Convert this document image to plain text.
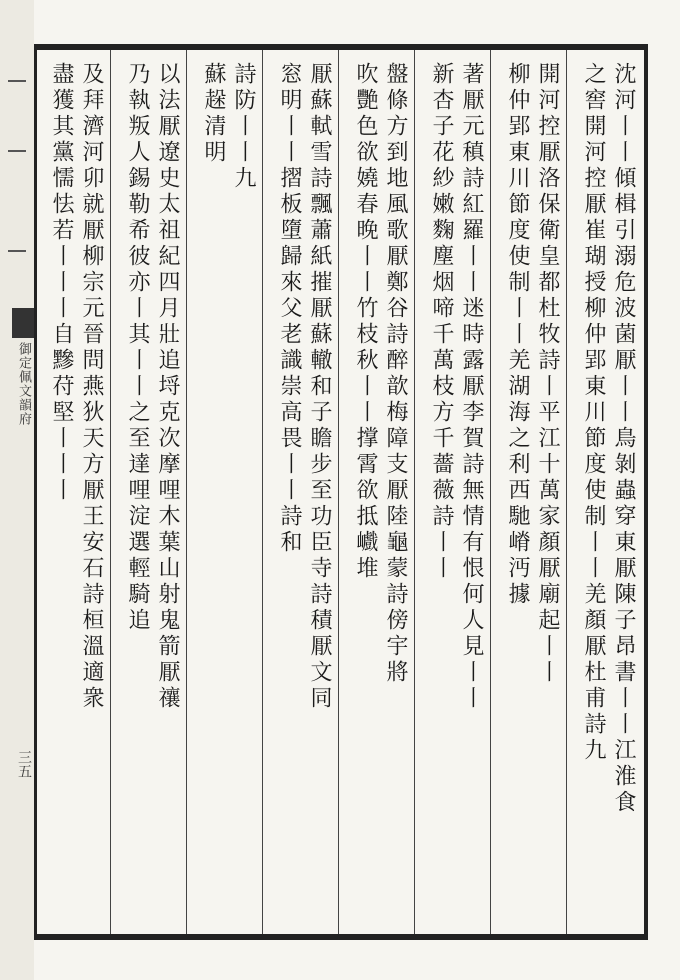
御定佩文韻府
三五	沈河丨丨傾楫引溺危波菌厭丨丨鳥剝蟲穿東厭陳子昂書丨丨江淮食
之窖開河控厭崔瑚授柳仲郢東川節度使制丨丨羌顏厭杜甫詩九
開河控厭洛保衛皇都杜牧詩丨平江十萬家顏厭廟起丨丨
柳仲郢東川節度使制丨丨羌湖海之利西馳嵴沔據
著厭元稹詩紅羅丨丨迷時露厭李賀詩無情有恨何人見丨丨
新杏子花紗嫩麴塵烟啼千萬枝方千薔薇詩丨丨
盤條方到地風歌厭鄭谷詩醉歆梅障支厭陸龜蒙詩傍宇將
吹艷色欲嬈春晚丨丨竹枝秋丨丨撑霄欲抵巇堆
厭蘇軾雪詩飄蕭紙摧厭蘇轍和子瞻步至功臣寺詩積厭文同
窓明丨丨摺板墮歸來父老識崇高畏丨丨詩和
詩防丨丨九
蘇趓清明
以法厭遼史太祖紀四月壯追埒克次摩哩木葉山射鬼箭厭禳
乃執叛人錫勒希彼亦丨其丨丨之至達哩淀選輕騎追
及拜濟河卯就厭柳宗元晉問燕狄天方厭王安石詩桓溫適衆
盡獲其黨懦怯若丨丨丨自黲苻堅丨丨丨
